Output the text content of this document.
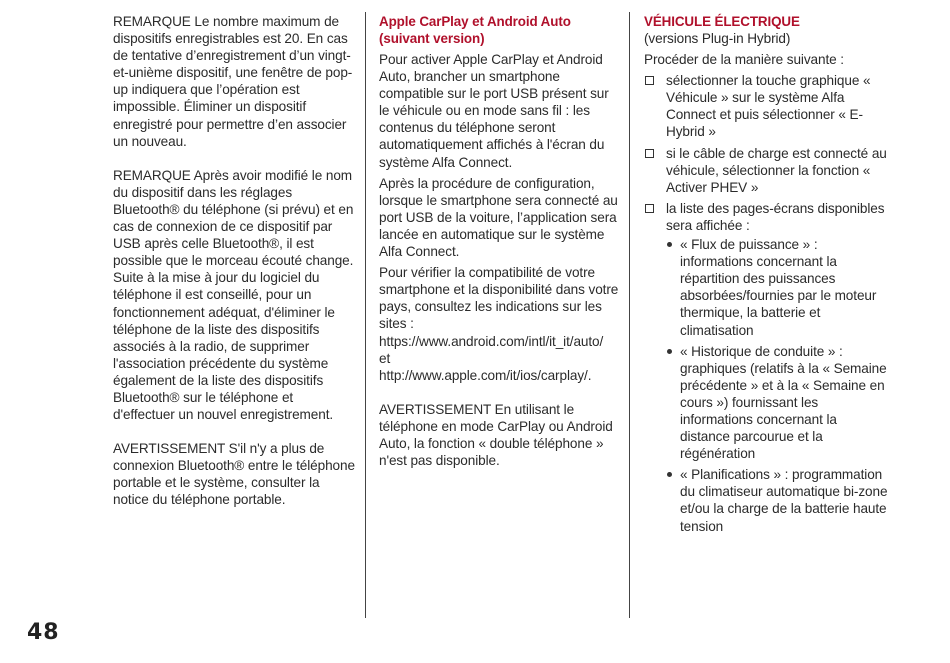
REMARQUE Le nombre maximum de dispositifs enregistrables est 20. En cas de tentative d’enregistrement d’un vingt-et-unième dispositif, une fenêtre de pop-up indiquera que l’opération est impossible. Éliminer un dispositif enregistré pour permettre d’en associer un nouveau.

REMARQUE Après avoir modifié le nom du dispositif dans les réglages Bluetooth® du téléphone (si prévu) et en cas de connexion de ce dispositif par USB après celle Bluetooth®, il est possible que le morceau écouté change. Suite à la mise à jour du logiciel du téléphone il est conseillé, pour un fonctionnement adéquat, d'éliminer le téléphone de la liste des dispositifs associés à la radio, de supprimer l'association précédente du système également de la liste des dispositifs Bluetooth® sur le téléphone et d'effectuer un nouvel enregistrement.

AVERTISSEMENT S'il n'y a plus de connexion Bluetooth® entre le téléphone portable et le système, consulter la notice du téléphone portable.

Apple CarPlay et Android Auto (suivant version)

Pour activer Apple CarPlay et Android Auto, brancher un smartphone compatible sur le port USB présent sur le véhicule ou en mode sans fil : les contenus du téléphone seront automatiquement affichés à l'écran du système Alfa Connect.

Après la procédure de configuration, lorsque le smartphone sera connecté au port USB de la voiture, l’application sera lancée en automatique sur le système Alfa Connect.

Pour vérifier la compatibilité de votre smartphone et la disponibilité dans votre pays, consultez les indications sur les sites :

https://www.android.com/intl/it_it/auto/

et

http://www.apple.com/it/ios/carplay/.

AVERTISSEMENT En utilisant le téléphone en mode CarPlay ou Android Auto, la fonction « double téléphone » n'est pas disponible.

VÉHICULE ÉLECTRIQUE

(versions Plug-in Hybrid)

Procéder de la manière suivante :

sélectionner la touche graphique « Véhicule » sur le système Alfa Connect et puis sélectionner « E-Hybrid »
si le câble de charge est connecté au véhicule, sélectionner la fonction « Activer PHEV »
la liste des pages-écrans disponibles sera affichée :
« Flux de puissance » : informations concernant la répartition des puissances absorbées/fournies par le moteur thermique, la batterie et climatisation
« Historique de conduite » : graphiques (relatifs à la « Semaine précédente » et à la « Semaine en cours ») fournissant les informations concernant la distance parcourue et la régénération
« Planifications » : programmation du climatiseur automatique bi-zone et/ou la charge de la batterie haute tension
48
